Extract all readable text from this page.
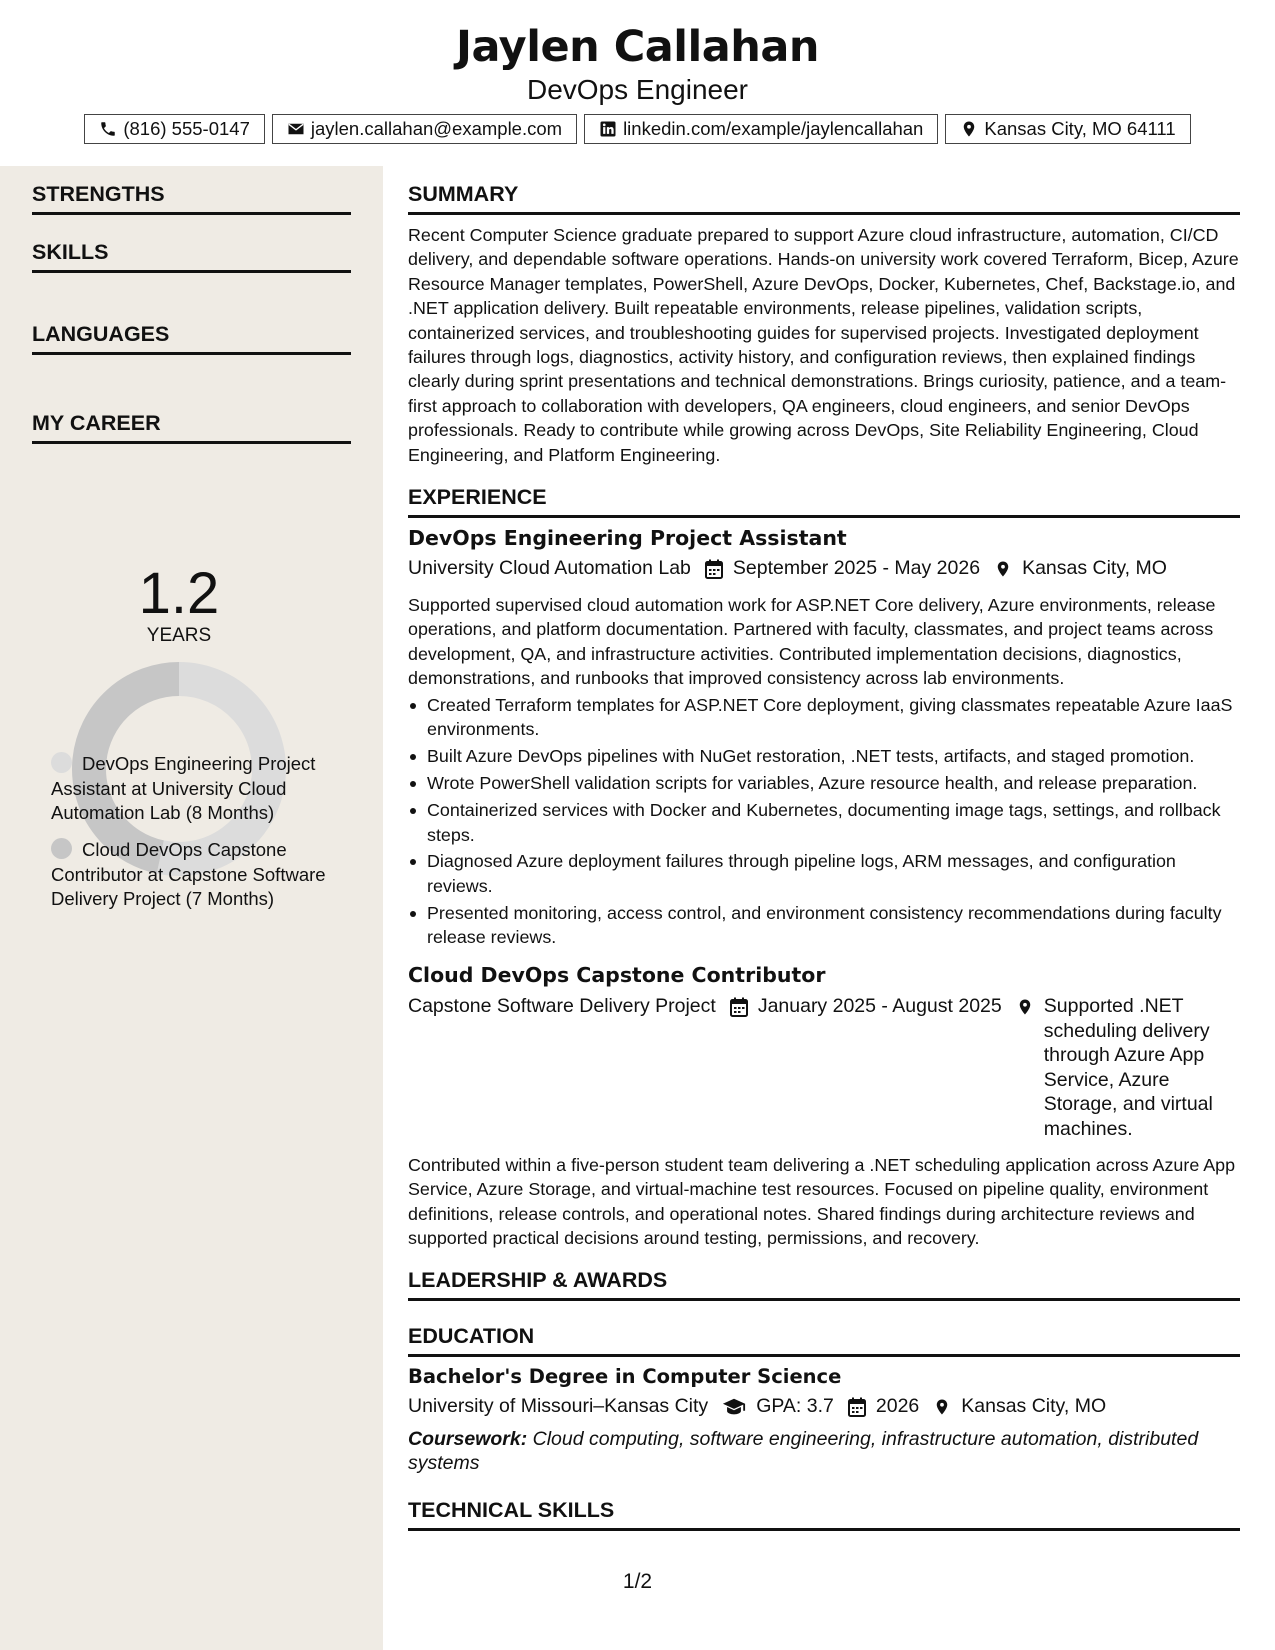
Jaylen Callahan
DevOps Engineer
(816) 555-0147	jaylen.callahan@example.com	linkedin.com/example/jaylencallahan	Kansas City, MO 64111
STRENGTHS
SKILLS
LANGUAGES
MY CAREER
1.2
YEARS
DevOps Engineering Project Assistant at University Cloud Automation Lab (8 Months)
Cloud DevOps Capstone Contributor at Capstone Software Delivery Project (7 Months)
SUMMARY
Recent Computer Science graduate prepared to support Azure cloud infrastructure, automation, CI/CD delivery, and dependable software operations. Hands-on university work covered Terraform, Bicep, Azure Resource Manager templates, PowerShell, Azure DevOps, Docker, Kubernetes, Chef, Backstage.io, and .NET application delivery. Built repeatable environments, release pipelines, validation scripts, containerized services, and troubleshooting guides for supervised projects. Investigated deployment failures through logs, diagnostics, activity history, and configuration reviews, then explained findings clearly during sprint presentations and technical demonstrations. Brings curiosity, patience, and a team-first approach to collaboration with developers, QA engineers, cloud engineers, and senior DevOps professionals. Ready to contribute while growing across DevOps, Site Reliability Engineering, Cloud Engineering, and Platform Engineering.
EXPERIENCE
DevOps Engineering Project Assistant
University Cloud Automation Lab September 2025 - May 2026 Kansas City, MO
Supported supervised cloud automation work for ASP.NET Core delivery, Azure environments, release operations, and platform documentation. Partnered with faculty, classmates, and project teams across development, QA, and infrastructure activities. Contributed implementation decisions, diagnostics, demonstrations, and runbooks that improved consistency across lab environments.
Created Terraform templates for ASP.NET Core deployment, giving classmates repeatable Azure IaaS environments.
Built Azure DevOps pipelines with NuGet restoration, .NET tests, artifacts, and staged promotion.
Wrote PowerShell validation scripts for variables, Azure resource health, and release preparation.
Containerized services with Docker and Kubernetes, documenting image tags, settings, and rollback steps.
Diagnosed Azure deployment failures through pipeline logs, ARM messages, and configuration reviews.
Presented monitoring, access control, and environment consistency recommendations during faculty release reviews.
Cloud DevOps Capstone Contributor
Capstone Software Delivery Project January 2025 - August 2025 Supported .NET scheduling delivery through Azure App Service, Azure Storage, and virtual machines.
Contributed within a five-person student team delivering a .NET scheduling application across Azure App Service, Azure Storage, and virtual-machine test resources. Focused on pipeline quality, environment definitions, release controls, and operational notes. Shared findings during architecture reviews and supported practical decisions around testing, permissions, and recovery.
LEADERSHIP & AWARDS
EDUCATION
Bachelor's Degree in Computer Science
University of Missouri–Kansas City GPA: 3.7 2026 Kansas City, MO
Coursework: Cloud computing, software engineering, infrastructure automation, distributed systems
TECHNICAL SKILLS
1/2
